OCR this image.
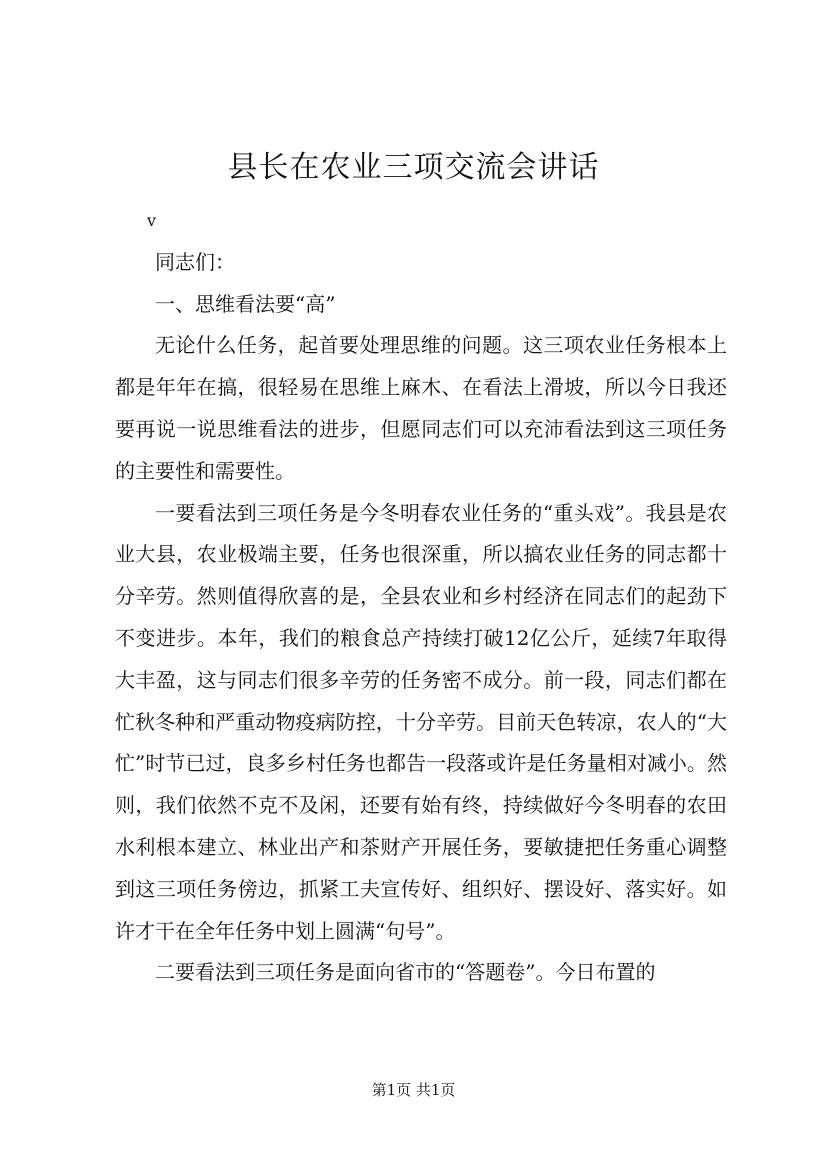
县长在农业三项交流会讲话

v

同志们：

一、思维看法要“高”

无论什么任务，起首要处理思维的问题。这三项农业任务根本上都是年年在搞，很轻易在思维上麻木、在看法上滑坡，所以今日我还要再说一说思维看法的进步，但愿同志们可以充沛看法到这三项任务的主要性和需要性。

一要看法到三项任务是今冬明春农业任务的“重头戏”。我县是农业大县，农业极端主要，任务也很深重，所以搞农业任务的同志都十分辛劳。然则值得欣喜的是，全县农业和乡村经济在同志们的起劲下不变进步。本年，我们的粮食总产持续打破12亿公斤，延续7年取得大丰盈，这与同志们很多辛劳的任务密不成分。前一段，同志们都在忙秋冬种和严重动物疫病防控，十分辛劳。目前天色转凉，农人的“大忙”时节已过，良多乡村任务也都告一段落或许是任务量相对减小。然则，我们依然不克不及闲，还要有始有终，持续做好今冬明春的农田水利根本建立、林业出产和茶财产开展任务，要敏捷把任务重心调整到这三项任务傍边，抓紧工夫宣传好、组织好、摆设好、落实好。如许才干在全年任务中划上圆满“句号”。

二要看法到三项任务是面向省市的“答题卷”。今日布置的

第1页 共1页
